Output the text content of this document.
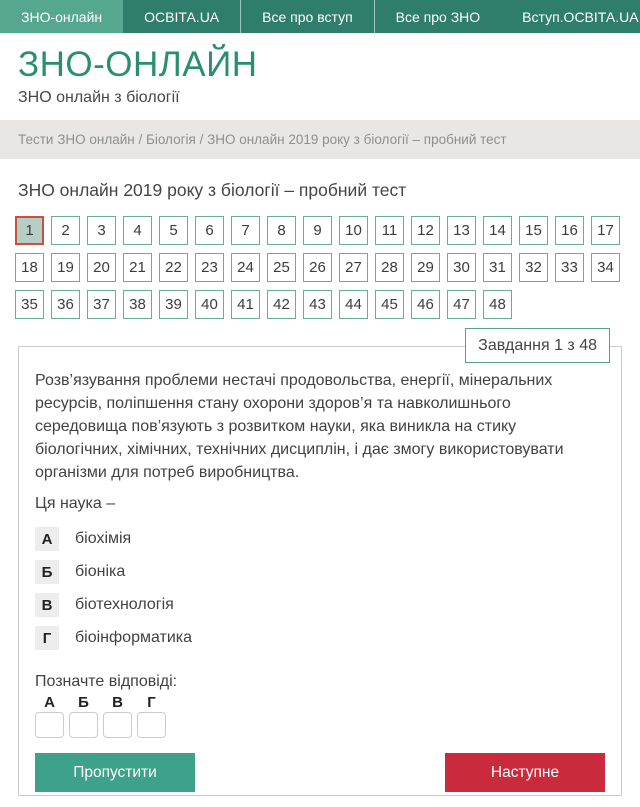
ЗНО-онлайн	ОСВІТА.UA	Все про вступ	Все про ЗНО	Вступ.ОСВІТА.UA
ЗНО-ОНЛАЙН
ЗНО онлайн з біології
Тести ЗНО онлайн / Біологія / ЗНО онлайн 2019 року з біології – пробний тест
ЗНО онлайн 2019 року з біології – пробний тест
1	2	3	4	5	6	7	8	9	10	11	12	13	14	15	16	17
18	19	20	21	22	23	24	25	26	27	28	29	30	31	32	33	34
35	36	37	38	39	40	41	42	43	44	45	46	47	48
Завдання 1 з 48

Розв’язування проблеми нестачі продовольства, енергії, мінеральних ресурсів, поліпшення стану охорони здоров’я та навколишнього середовища пов’язують з розвитком науки, яка виникла на стику біологічних, хімічних, технічних дисциплін, і дає змогу використовувати організми для потреб виробництва.

Ця наука –

А	біохімія
Б	біоніка
В	біотехнологія
Г	біоінформатика
Позначте відповіді:
А	Б	В	Г
Пропустити	Наступне
